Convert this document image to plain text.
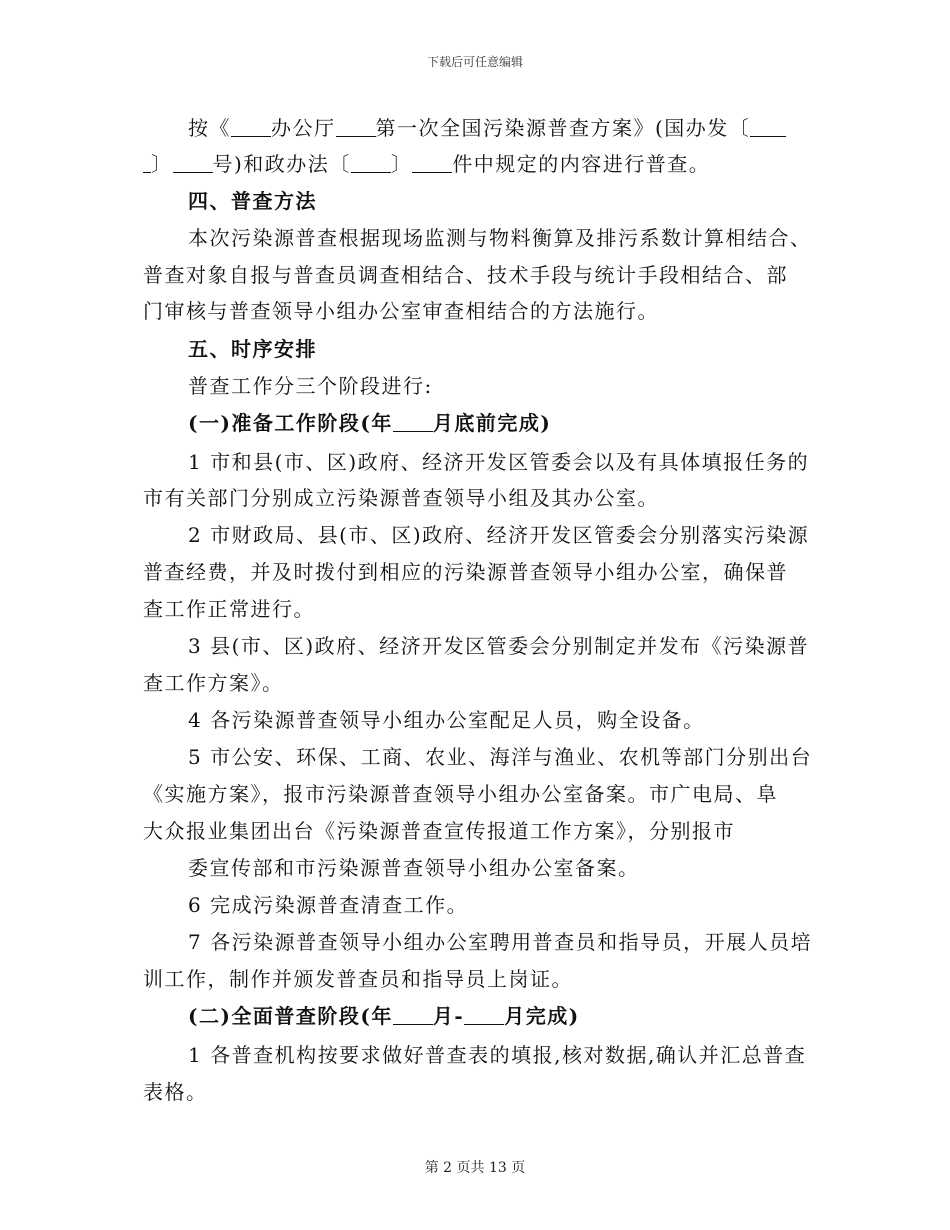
下载后可任意编辑
按《 办公厅 第一次全国污染源普查方案》(国办发〔
〕 号)和政办法〔 〕 件中规定的内容进行普查。
四、普查方法
本次污染源普查根据现场监测与物料衡算及排污系数计算相结合、
普查对象自报与普查员调查相结合、技术手段与统计手段相结合、部
门审核与普查领导小组办公室审查相结合的方法施行。
五、时序安排
普查工作分三个阶段进行:
(一)准备工作阶段(年 月底前完成)
1 市和县(市、区)政府、经济开发区管委会以及有具体填报任务的
市有关部门分别成立污染源普查领导小组及其办公室。
2 市财政局、县(市、区)政府、经济开发区管委会分别落实污染源
普查经费，并及时拨付到相应的污染源普查领导小组办公室，确保普
查工作正常进行。
3 县(市、区)政府、经济开发区管委会分别制定并发布《污染源普
查工作方案》。
4 各污染源普查领导小组办公室配足人员，购全设备。
5 市公安、环保、工商、农业、海洋与渔业、农机等部门分别出台
《实施方案》，报市污染源普查领导小组办公室备案。市广电局、阜
大众报业集团出台《污染源普查宣传报道工作方案》，分别报市
委宣传部和市污染源普查领导小组办公室备案。
6 完成污染源普查清查工作。
7 各污染源普查领导小组办公室聘用普查员和指导员，开展人员培
训工作，制作并颁发普查员和指导员上岗证。
(二)全面普查阶段(年 月- 月完成)
1 各普查机构按要求做好普查表的填报,核对数据,确认并汇总普查
表格。
第 2 页共 13 页
